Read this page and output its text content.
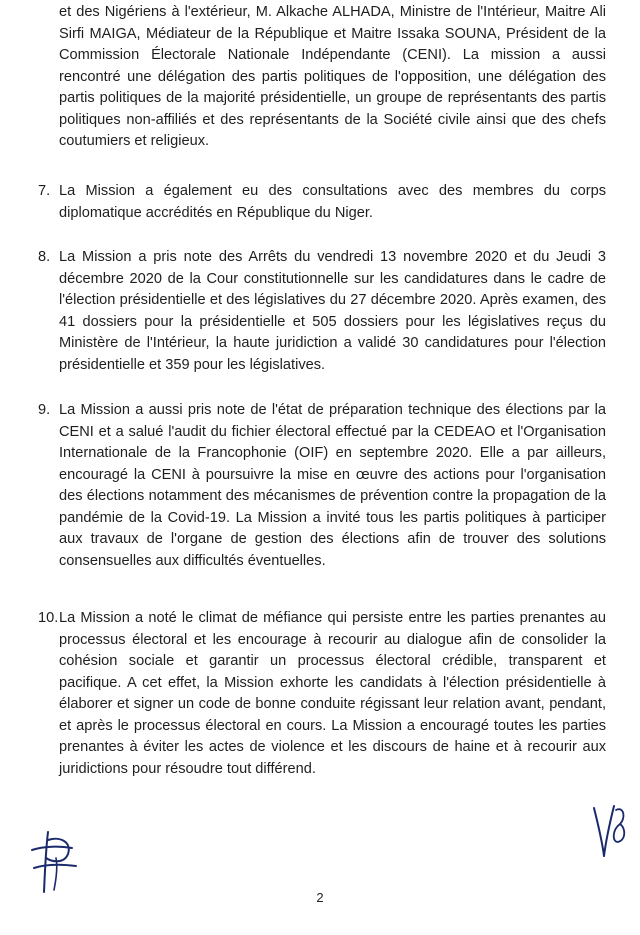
et des Nigériens à l'extérieur, M. Alkache ALHADA, Ministre de l'Intérieur, Maitre Ali Sirfi MAIGA, Médiateur de la République et Maitre Issaka SOUNA, Président de la Commission Électorale Nationale Indépendante (CENI). La mission a aussi rencontré une délégation des partis politiques de l'opposition, une délégation des partis politiques de la majorité présidentielle, un groupe de représentants des partis politiques non-affiliés et des représentants de la Société civile ainsi que des chefs coutumiers et religieux.

7. La Mission a également eu des consultations avec des membres du corps diplomatique accrédités en République du Niger.
8. La Mission a pris note des Arrêts du vendredi 13 novembre 2020 et du Jeudi 3 décembre 2020 de la Cour constitutionnelle sur les candidatures dans le cadre de l'élection présidentielle et des législatives du 27 décembre 2020. Après examen, des 41 dossiers pour la présidentielle et 505 dossiers pour les législatives reçus du Ministère de l'Intérieur, la haute juridiction a validé 30 candidatures pour l'élection présidentielle et 359 pour les législatives.
9. La Mission a aussi pris note de l'état de préparation technique des élections par la CENI et a salué l'audit du fichier électoral effectué par la CEDEAO et l'Organisation Internationale de la Francophonie (OIF) en septembre 2020. Elle a par ailleurs, encouragé la CENI à poursuivre la mise en œuvre des actions pour l'organisation des élections notamment des mécanismes de prévention contre la propagation de la pandémie de la Covid-19. La Mission a invité tous les partis politiques à participer aux travaux de l'organe de gestion des élections afin de trouver des solutions consensuelles aux difficultés éventuelles.
10. La Mission a noté le climat de méfiance qui persiste entre les parties prenantes au processus électoral et les encourage à recourir au dialogue afin de consolider la cohésion sociale et garantir un processus électoral crédible, transparent et pacifique. A cet effet, la Mission exhorte les candidats à l'élection présidentielle à élaborer et signer un code de bonne conduite régissant leur relation avant, pendant, et après le processus électoral en cours. La Mission a encouragé toutes les parties prenantes à éviter les actes de violence et les discours de haine et à recourir aux juridictions pour résoudre tout différend.
2
